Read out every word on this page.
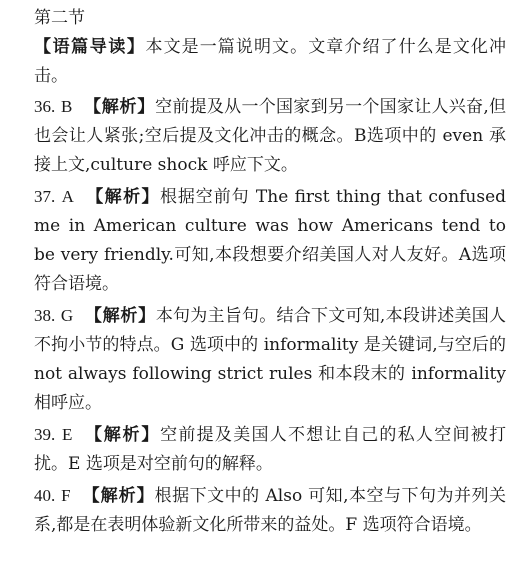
第二节

【语篇导读】本文是一篇说明文。文章介绍了什么是文化冲击。

36. B 【解析】空前提及从一个国家到另一个国家让人兴奋,但也会让人紧张;空后提及文化冲击的概念。B选项中的 even 承接上文,culture shock 呼应下文。

37. A 【解析】根据空前句 The first thing that confused me in American culture was how Americans tend to be very friendly.可知,本段想要介绍美国人对人友好。A选项符合语境。

38. G 【解析】本句为主旨句。结合下文可知,本段讲述美国人不拘小节的特点。G 选项中的 informality 是关键词,与空后的 not always following strict rules 和本段末的 informality 相呼应。

39. E 【解析】空前提及美国人不想让自己的私人空间被打扰。E 选项是对空前句的解释。

40. F 【解析】根据下文中的 Also 可知,本空与下句为并列关系,都是在表明体验新文化所带来的益处。F 选项符合语境。
